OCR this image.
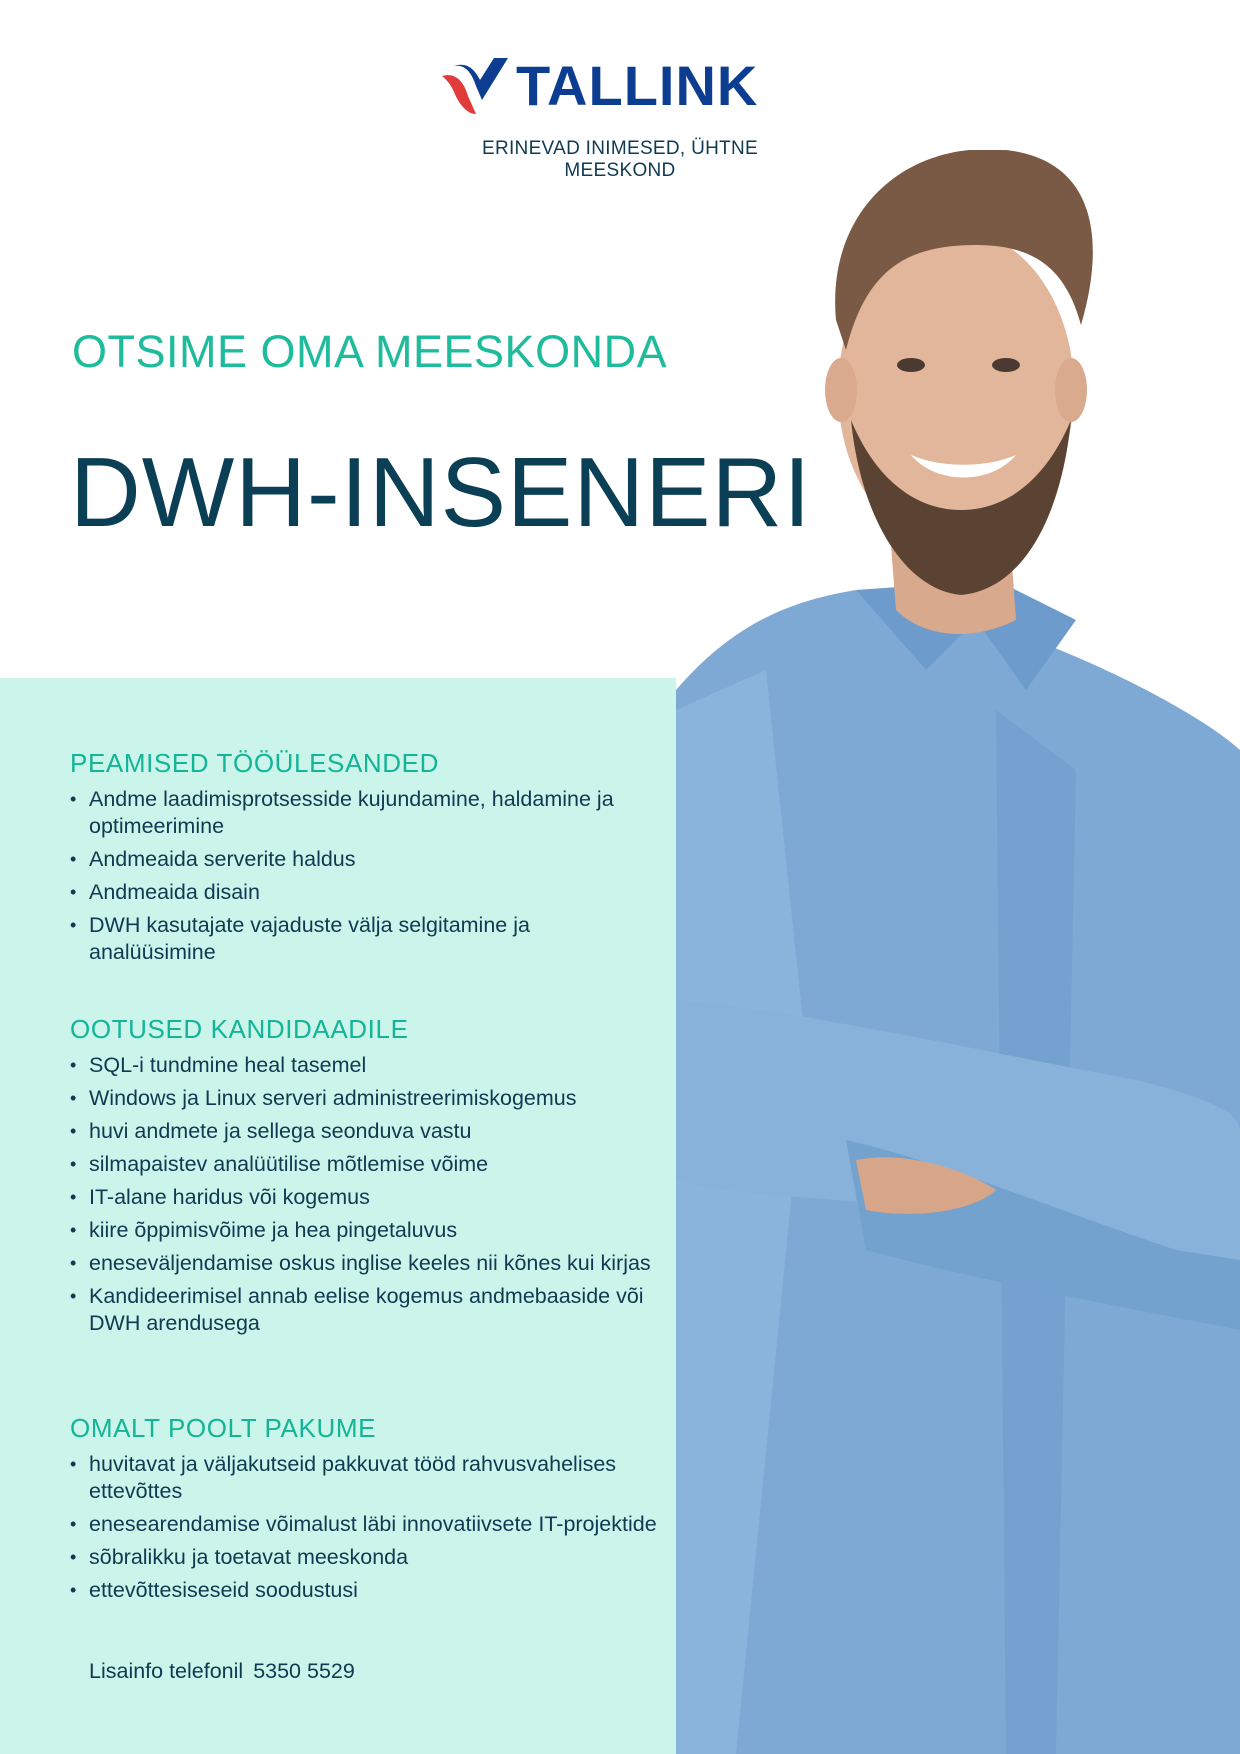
TALLINK
ERINEVAD INIMESED, ÜHTNE MEESKOND
OTSIME OMA MEESKONDA
DWH-INSENERI
PEAMISED TÖÖÜLESANDED
• Andme laadimisprotsesside kujundamine, haldamine ja optimeerimine
• Andmeaida serverite haldus
• Andmeaida disain
• DWH kasutajate vajaduste välja selgitamine ja analüüsimine
OOTUSED KANDIDAADILE
• SQL-i tundmine heal tasemel
• Windows ja Linux serveri administreerimiskogemus
• huvi andmete ja sellega seonduva vastu
• silmapaistev analüütilise mõtlemise võime
• IT-alane haridus või kogemus
• kiire õppimisvõime ja hea pingetaluvus
• eneseväljendamise oskus inglise keeles nii kõnes kui kirjas
• Kandideerimisel annab eelise kogemus andmebaaside või DWH arendusega
OMALT POOLT PAKUME
• huvitavat ja väljakutseid pakkuvat tööd rahvusvahelises ettevõttes
• enesearendamise võimalust läbi innovatiivsete IT-projektide
• sõbralikku ja toetavat meeskonda
• ettevõttesiseseid soodustusi
Lisainfo telefonil 5350 5529
